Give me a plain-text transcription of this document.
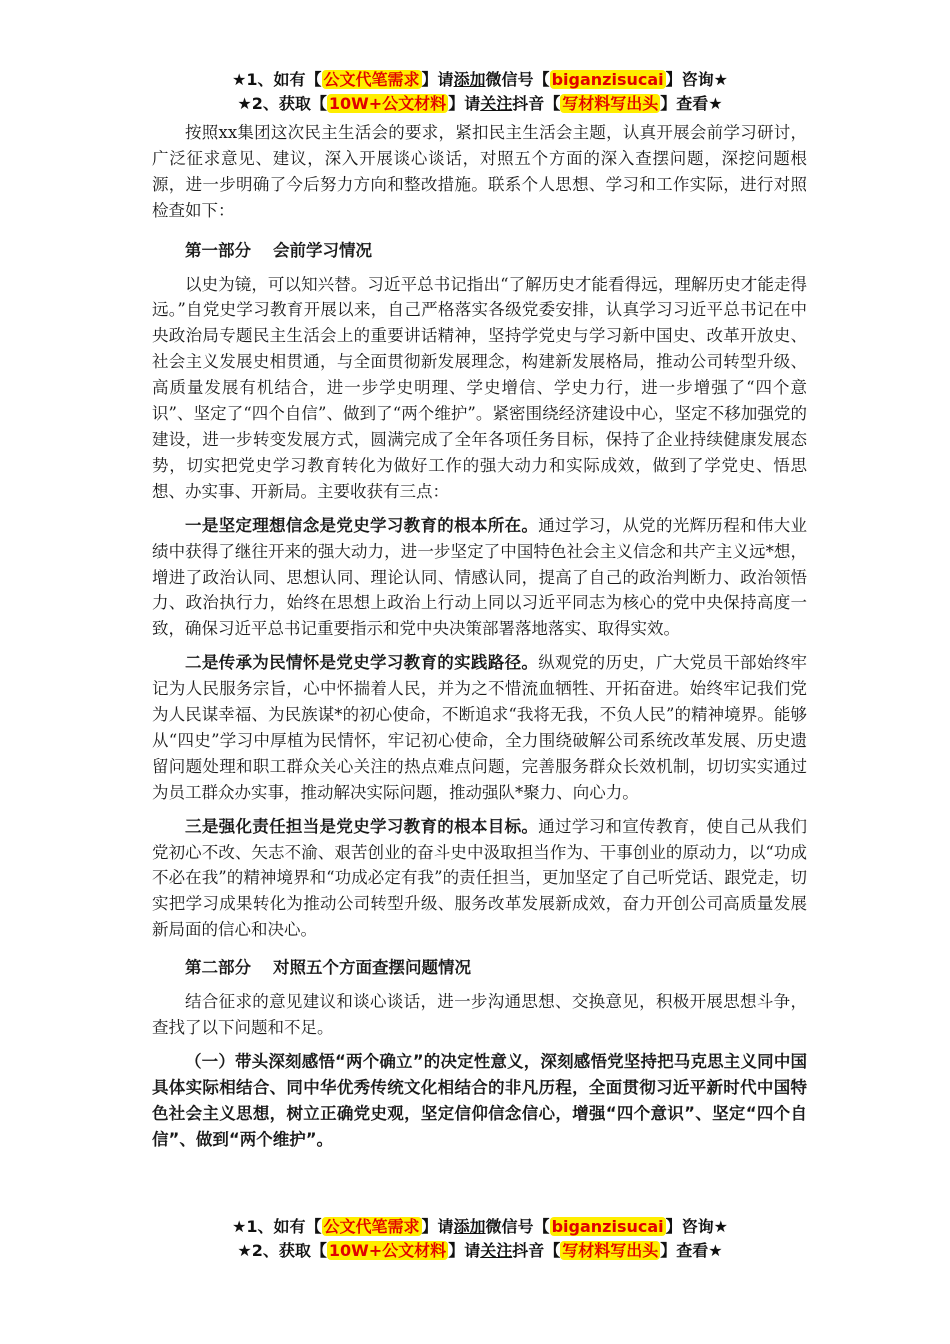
★1、如有【 公文代笔需求 】请添加微信号【 biganzisucai 】咨询★
★2、获取【 10W+公文材料 】请关注抖音【 写材料写出头 】查看★

按照xx集团这次民主生活会的要求，紧扣民主生活会主题，认真开展会前学习研讨，广泛征求意见、建议，深入开展谈心谈话，对照五个方面的深入查摆问题，深挖问题根源，进一步明确了今后努力方向和整改措施。联系个人思想、学习和工作实际，进行对照检查如下：

第一部分 会前学习情况

以史为镜，可以知兴替。习近平总书记指出“了解历史才能看得远，理解历史才能走得远。”自党史学习教育开展以来，自己严格落实各级党委安排，认真学习习近平总书记在中央政治局专题民主生活会上的重要讲话精神，坚持学党史与学习新中国史、改革开放史、社会主义发展史相贯通，与全面贯彻新发展理念，构建新发展格局，推动公司转型升级、高质量发展有机结合，进一步学史明理、学史增信、学史力行，进一步增强了“四个意识”、坚定了“四个自信”、做到了“两个维护”。紧密围绕经济建设中心，坚定不移加强党的建设，进一步转变发展方式，圆满完成了全年各项任务目标，保持了企业持续健康发展态势，切实把党史学习教育转化为做好工作的强大动力和实际成效，做到了学党史、悟思想、办实事、开新局。主要收获有三点：

一是坚定理想信念是党史学习教育的根本所在。通过学习，从党的光辉历程和伟大业绩中获得了继往开来的强大动力，进一步坚定了中国特色社会主义信念和共产主义远*想，增进了政治认同、思想认同、理论认同、情感认同，提高了自己的政治判断力、政治领悟力、政治执行力，始终在思想上政治上行动上同以习近平同志为核心的党中央保持高度一致，确保习近平总书记重要指示和党中央决策部署落地落实、取得实效。

二是传承为民情怀是党史学习教育的实践路径。纵观党的历史，广大党员干部始终牢记为人民服务宗旨，心中怀揣着人民，并为之不惜流血牺牲、开拓奋进。始终牢记我们党为人民谋幸福、为民族谋*的初心使命，不断追求“我将无我，不负人民”的精神境界。能够从“四史”学习中厚植为民情怀，牢记初心使命，全力围绕破解公司系统改革发展、历史遗留问题处理和职工群众关心关注的热点难点问题，完善服务群众长效机制，切切实实通过为员工群众办实事，推动解决实际问题，推动强队*聚力、向心力。

三是强化责任担当是党史学习教育的根本目标。通过学习和宣传教育，使自己从我们党初心不改、矢志不渝、艰苦创业的奋斗史中汲取担当作为、干事创业的原动力，以“功成不必在我”的精神境界和“功成必定有我”的责任担当，更加坚定了自己听党话、跟党走，切实把学习成果转化为推动公司转型升级、服务改革发展新成效，奋力开创公司高质量发展新局面的信心和决心。

第二部分 对照五个方面查摆问题情况

结合征求的意见建议和谈心谈话，进一步沟通思想、交换意见，积极开展思想斗争，查找了以下问题和不足。

（一）带头深刻感悟“两个确立”的决定性意义，深刻感悟党坚持把马克思主义同中国具体实际相结合、同中华优秀传统文化相结合的非凡历程，全面贯彻习近平新时代中国特色社会主义思想，树立正确党史观，坚定信仰信念信心，增强“四个意识”、坚定“四个自信”、做到“两个维护”。

★1、如有【 公文代笔需求 】请添加微信号【 biganzisucai 】咨询★
★2、获取【 10W+公文材料 】请关注抖音【 写材料写出头 】查看★
